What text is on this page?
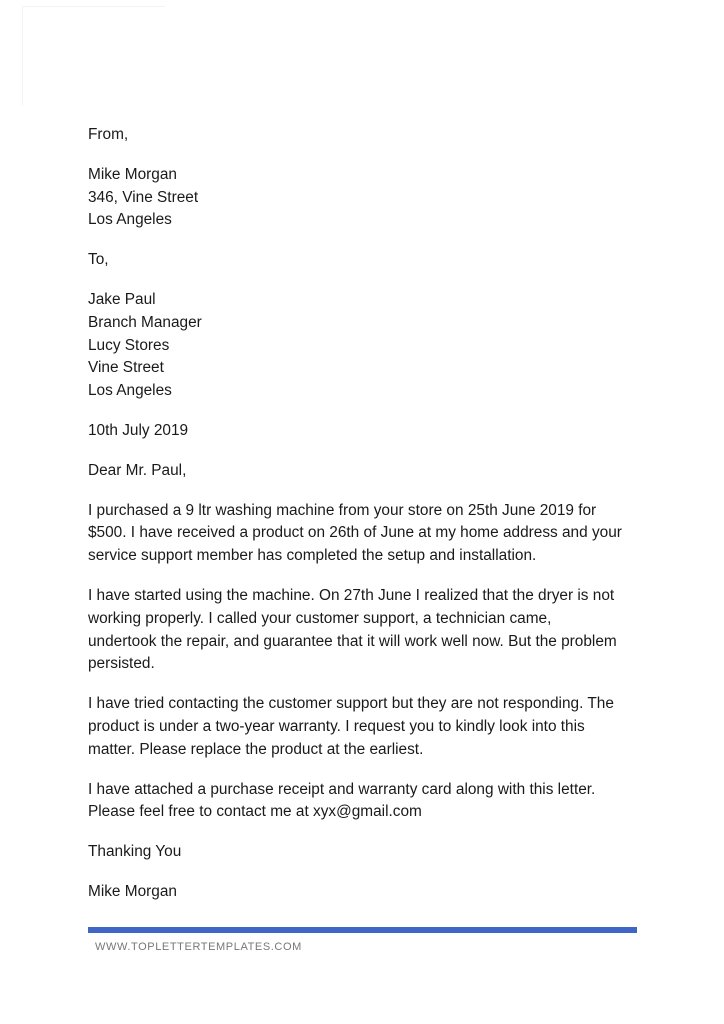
From,
Mike Morgan
346, Vine Street
Los Angeles
To,
Jake Paul
Branch Manager
Lucy Stores
Vine Street
Los Angeles
10th July 2019
Dear Mr. Paul,
I purchased a 9 ltr washing machine from your store on 25th June 2019 for
$500. I have received a product on 26th of June at my home address and your
service support member has completed the setup and installation.
I have started using the machine. On 27th June I realized that the dryer is not
working properly. I called your customer support, a technician came,
undertook the repair, and guarantee that it will work well now. But the problem
persisted.
I have tried contacting the customer support but they are not responding. The
product is under a two-year warranty. I request you to kindly look into this
matter. Please replace the product at the earliest.
I have attached a purchase receipt and warranty card along with this letter.
Please feel free to contact me at xyx@gmail.com
Thanking You
Mike Morgan
WWW.TOPLETTERTEMPLATES.COM
